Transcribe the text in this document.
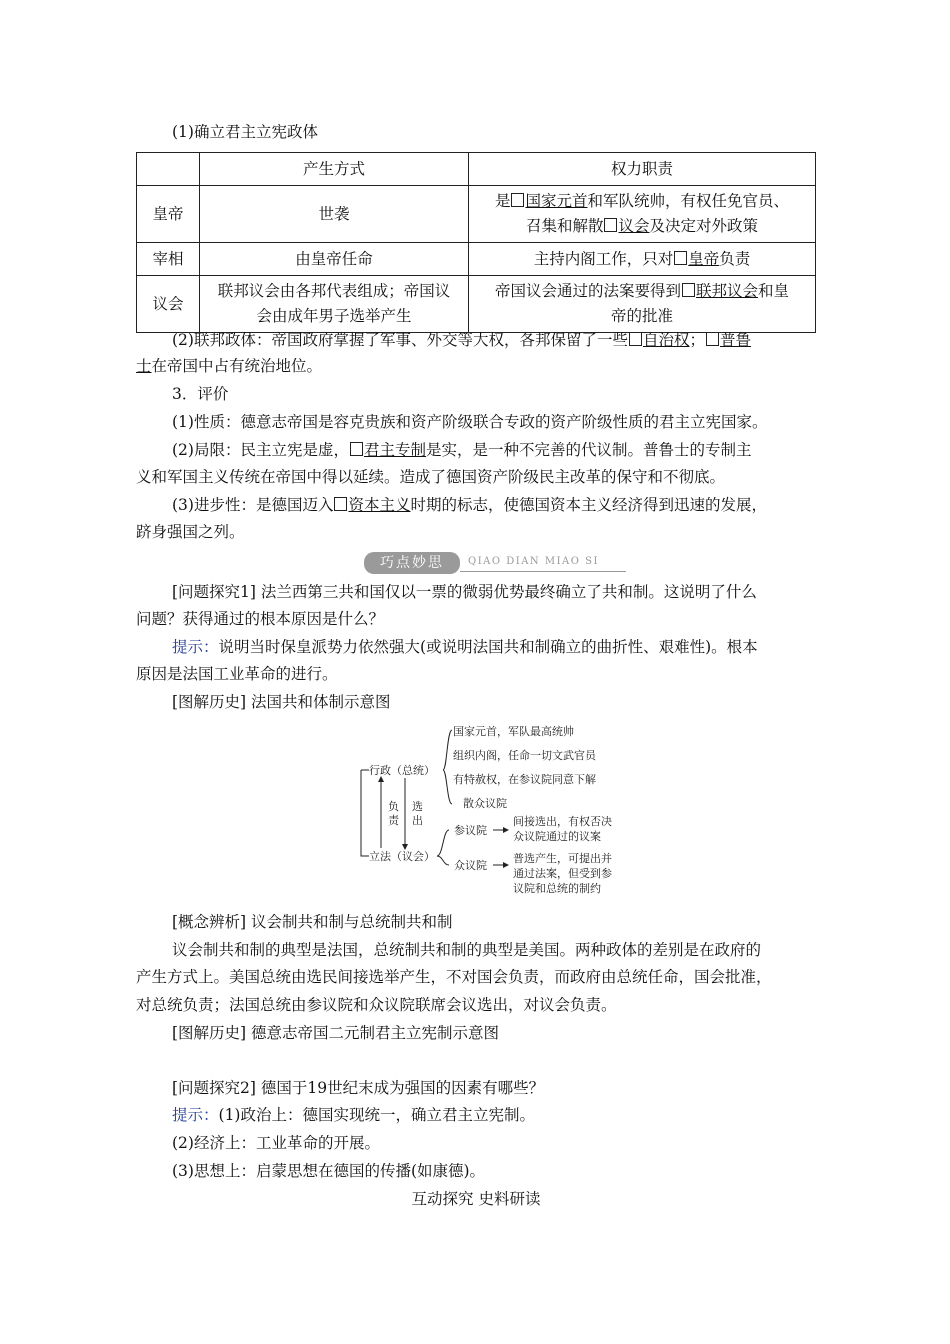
(1)确立君主立宪政体
	产生方式	权力职责
皇帝	世袭	是 国家元首和军队统帅，有权任免官员、
召集和解散 议会及决定对外政策
宰相	由皇帝任命	主持内阁工作，只对 皇帝负责
议会	联邦议会由各邦代表组成；帝国议
会由成年男子选举产生	帝国议会通过的法案要得到 联邦议会和皇
帝的批准
(2)联邦政体：帝国政府掌握了军事、外交等大权，各邦保留了一些 自治权； 普鲁
士在帝国中占有统治地位。
3．评价
(1)性质：德意志帝国是容克贵族和资产阶级联合专政的资产阶级性质的君主立宪国家。
(2)局限：民主立宪是虚， 君主专制是实，是一种不完善的代议制。普鲁士的专制主
义和军国主义传统在帝国中得以延续。造成了德国资产阶级民主改革的保守和不彻底。
(3)进步性：是德国迈入 资本主义时期的标志，使德国资本主义经济得到迅速的发展，
跻身强国之列。
巧点妙思	QIAO DIAN MIAO SI
[问题探究1] 法兰西第三共和国仅以一票的微弱优势最终确立了共和制。这说明了什么
问题？获得通过的根本原因是什么？
提示：说明当时保皇派势力依然强大(或说明法国共和制确立的曲折性、艰难性)。根本
原因是法国工业革命的进行。
[图解历史] 法国共和体制示意图
行政（总统）
立法（议会）
国家元首，军队最高统帅
组织内阁，任命一切文武官员
有特赦权，在参议院同意下解
散众议院
负
责
选
出
参议院
众议院
间接选出，有权否决
众议院通过的议案
普选产生，可提出并
通过法案，但受到参
议院和总统的制约
[概念辨析] 议会制共和制与总统制共和制
议会制共和制的典型是法国，总统制共和制的典型是美国。两种政体的差别是在政府的
产生方式上。美国总统由选民间接选举产生，不对国会负责，而政府由总统任命，国会批准，
对总统负责；法国总统由参议院和众议院联席会议选出，对议会负责。
[图解历史] 德意志帝国二元制君主立宪制示意图
[问题探究2] 德国于19世纪末成为强国的因素有哪些？
提示：(1)政治上：德国实现统一，确立君主立宪制。
(2)经济上：工业革命的开展。
(3)思想上：启蒙思想在德国的传播(如康德)。
互动探究 史料研读
